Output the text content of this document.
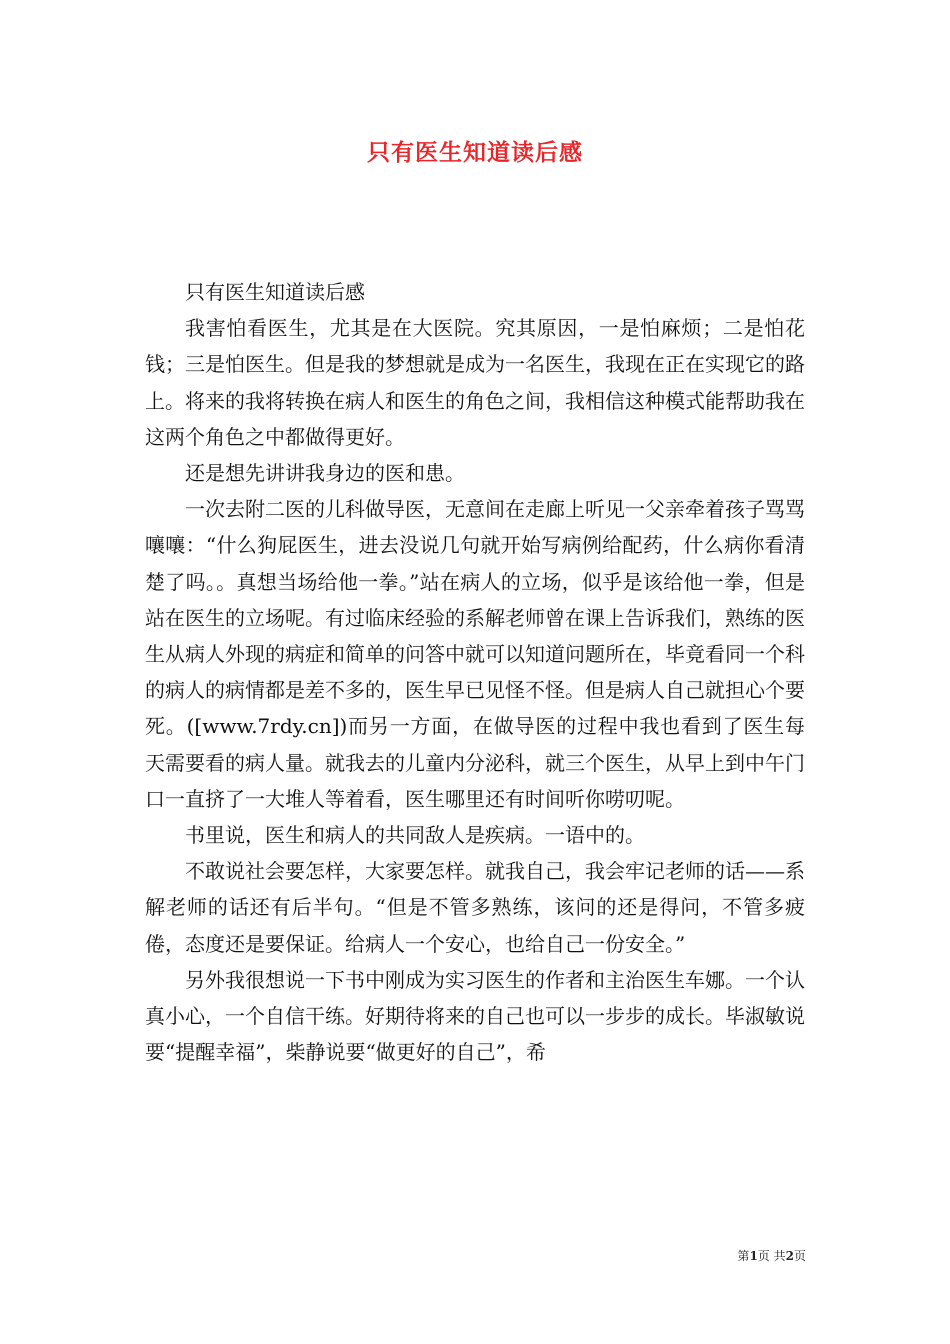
只有医生知道读后感

只有医生知道读后感

我害怕看医生，尤其是在大医院。究其原因，一是怕麻烦；二是怕花钱；三是怕医生。但是我的梦想就是成为一名医生，我现在正在实现它的路上。将来的我将转换在病人和医生的角色之间，我相信这种模式能帮助我在这两个角色之中都做得更好。

还是想先讲讲我身边的医和患。

一次去附二医的儿科做导医，无意间在走廊上听见一父亲牵着孩子骂骂嚷嚷：“什么狗屁医生，进去没说几句就开始写病例给配药，什么病你看清楚了吗。。真想当场给他一拳。”站在病人的立场，似乎是该给他一拳，但是站在医生的立场呢。有过临床经验的系解老师曾在课上告诉我们，熟练的医生从病人外现的病症和简单的问答中就可以知道问题所在，毕竟看同一个科的病人的病情都是差不多的，医生早已见怪不怪。但是病人自己就担心个要死。([www.7rdy.cn])而另一方面，在做导医的过程中我也看到了医生每天需要看的病人量。就我去的儿童内分泌科，就三个医生，从早上到中午门口一直挤了一大堆人等着看，医生哪里还有时间听你唠叨呢。

书里说，医生和病人的共同敌人是疾病。一语中的。

不敢说社会要怎样，大家要怎样。就我自己，我会牢记老师的话——系解老师的话还有后半句。“但是不管多熟练，该问的还是得问，不管多疲倦，态度还是要保证。给病人一个安心，也给自己一份安全。”

另外我很想说一下书中刚成为实习医生的作者和主治医生车娜。一个认真小心，一个自信干练。好期待将来的自己也可以一步步的成长。毕淑敏说要“提醒幸福”，柴静说要“做更好的自己”，希

第1页 共2页
